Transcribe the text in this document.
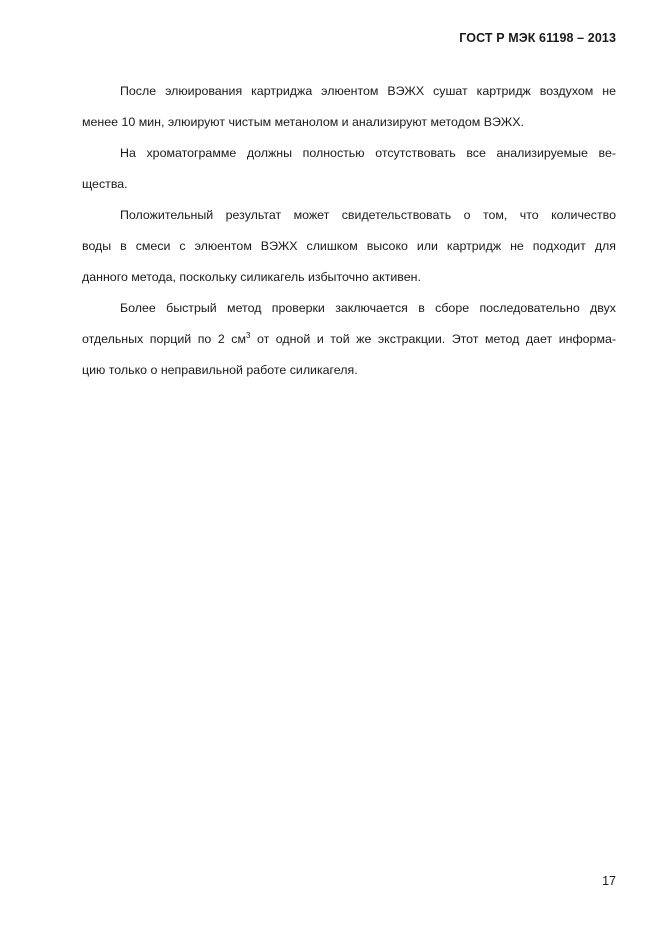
ГОСТ Р МЭК 61198 – 2013

После элюирования картриджа элюентом ВЭЖХ сушат картридж воздухом не
менее 10 мин, элюируют чистым метанолом и анализируют методом ВЭЖХ.

На хроматограмме должны полностью отсутствовать все анализируемые ве-
щества.

Положительный результат может свидетельствовать о том, что количество
воды в смеси с элюентом ВЭЖХ слишком высоко или картридж не подходит для
данного метода, поскольку силикагель избыточно активен.

Более быстрый метод проверки заключается в сборе последовательно двух
отдельных порций по 2 $см^3$ от одной и той же экстракции. Этот метод дает информа-
цию только о неправильной работе силикагеля.

17
